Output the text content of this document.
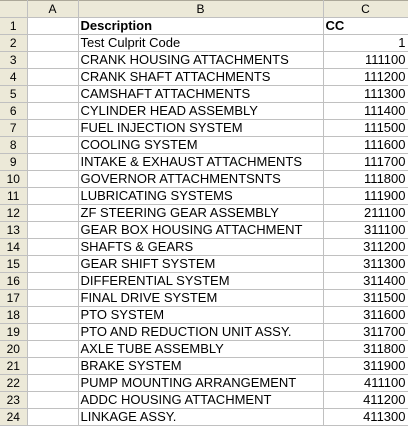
	A	B	C
1		Description	CC
2		Test Culprit Code	1
3		CRANK HOUSING ATTACHMENTS	111100
4		CRANK SHAFT ATTACHMENTS	111200
5		CAMSHAFT ATTACHMENTS	111300
6		CYLINDER HEAD ASSEMBLY	111400
7		FUEL INJECTION SYSTEM	111500
8		COOLING SYSTEM	111600
9		INTAKE & EXHAUST ATTACHMENTS	111700
10		GOVERNOR ATTACHMENTSNTS	111800
11		LUBRICATING SYSTEMS	111900
12		ZF STEERING GEAR ASSEMBLY	211100
13		GEAR BOX HOUSING ATTACHMENT	311100
14		SHAFTS & GEARS	311200
15		GEAR SHIFT SYSTEM	311300
16		DIFFERENTIAL SYSTEM	311400
17		FINAL DRIVE SYSTEM	311500
18		PTO SYSTEM	311600
19		PTO AND REDUCTION UNIT ASSY.	311700
20		AXLE TUBE ASSEMBLY	311800
21		BRAKE SYSTEM	311900
22		PUMP MOUNTING ARRANGEMENT	411100
23		ADDC HOUSING ATTACHMENT	411200
24		LINKAGE ASSY.	411300
